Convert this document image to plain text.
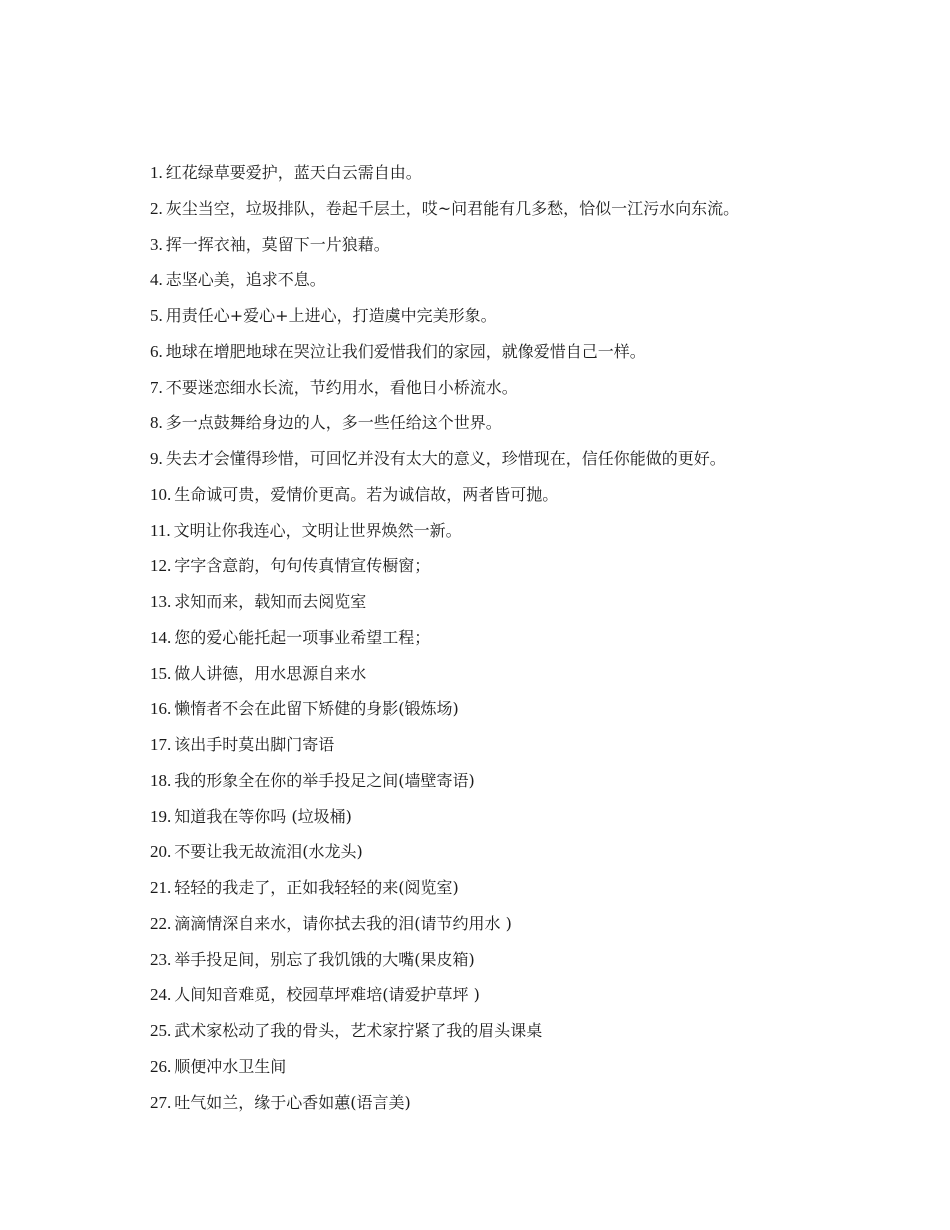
1. 红花绿草要爱护，蓝天白云需自由。
2. 灰尘当空，垃圾排队，卷起千层土，哎~问君能有几多愁，恰似一江污水向东流。
3. 挥一挥衣袖，莫留下一片狼藉。
4. 志坚心美，追求不息。
5. 用责任心+爱心+上进心，打造虞中完美形象。
6. 地球在增肥地球在哭泣让我们爱惜我们的家园，就像爱惜自己一样。
7. 不要迷恋细水长流，节约用水，看他日小桥流水。
8. 多一点鼓舞给身边的人，多一些任给这个世界。
9. 失去才会懂得珍惜，可回忆并没有太大的意义，珍惜现在，信任你能做的更好。
10. 生命诚可贵，爱情价更高。若为诚信故，两者皆可抛。
11. 文明让你我连心，文明让世界焕然一新。
12. 字字含意韵，句句传真情宣传橱窗；
13. 求知而来，载知而去阅览室
14. 您的爱心能托起一项事业希望工程；
15. 做人讲德，用水思源自来水
16. 懒惰者不会在此留下矫健的身影(锻炼场)
17. 该出手时莫出脚门寄语
18. 我的形象全在你的举手投足之间(墙壁寄语)
19. 知道我在等你吗 (垃圾桶)
20. 不要让我无故流泪(水龙头)
21. 轻轻的我走了，正如我轻轻的来(阅览室)
22. 滴滴情深自来水，请你拭去我的泪(请节约用水 )
23. 举手投足间，别忘了我饥饿的大嘴(果皮箱)
24. 人间知音难觅，校园草坪难培(请爱护草坪 )
25. 武术家松动了我的骨头，艺术家拧紧了我的眉头课桌
26. 顺便冲水卫生间
27. 吐气如兰，缘于心香如蕙(语言美)
